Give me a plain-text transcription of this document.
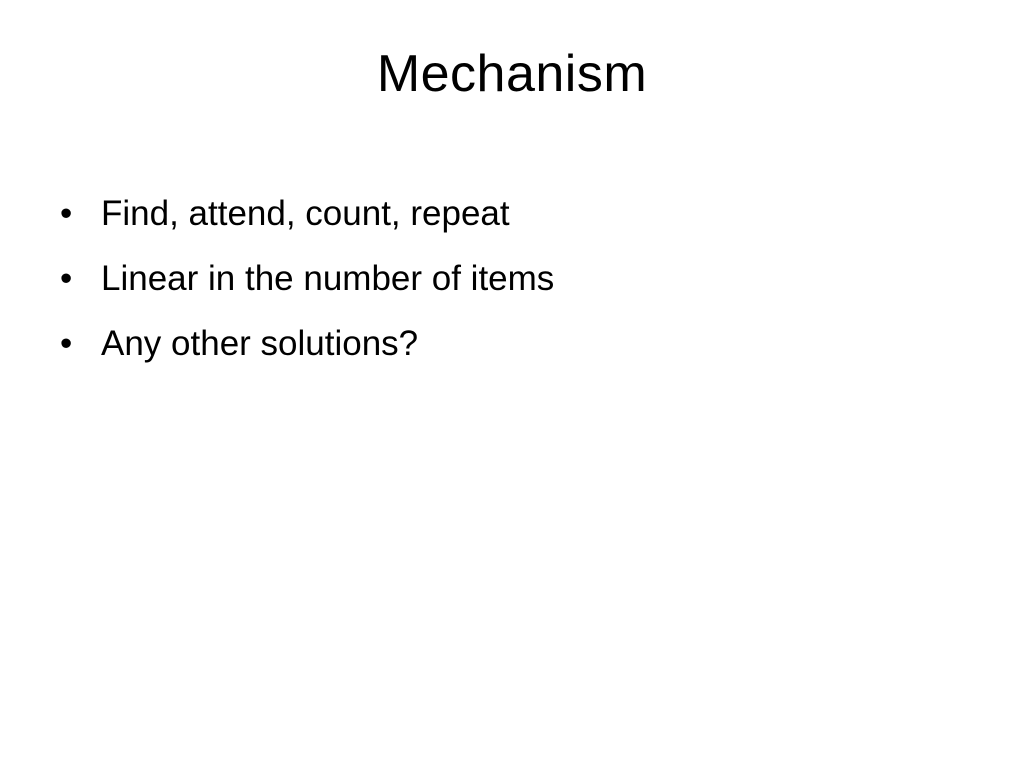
Mechanism
• Find, attend, count, repeat
• Linear in the number of items
• Any other solutions?
